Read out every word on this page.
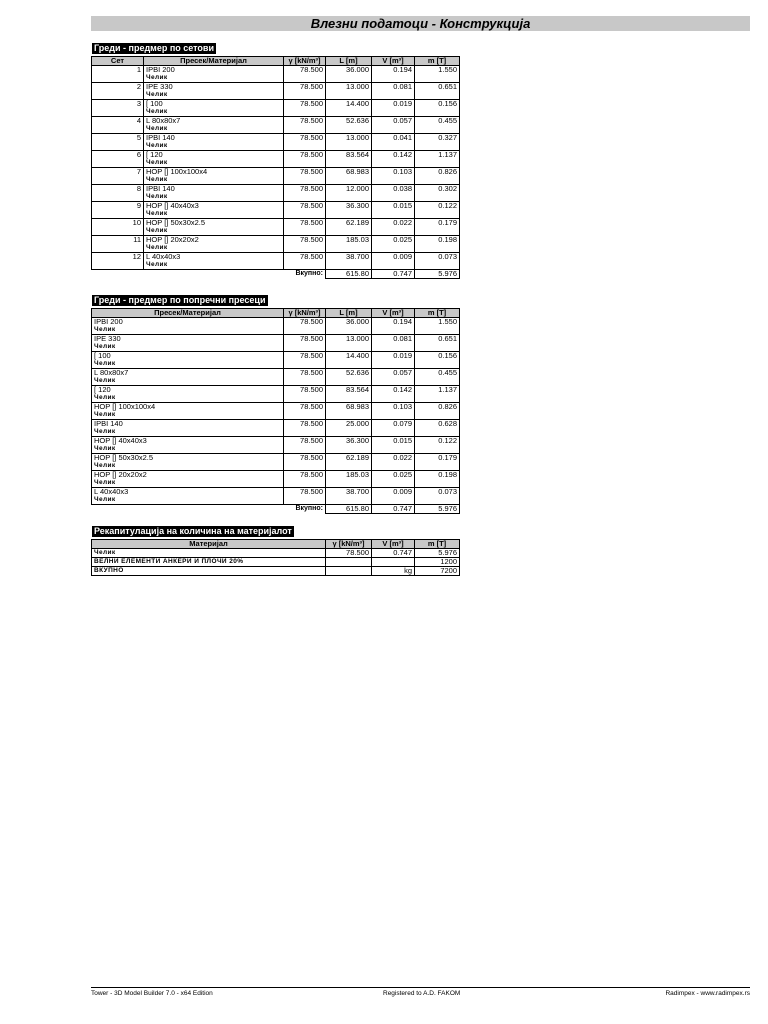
Влезни податоци - Конструкција
Греди - предмер по сетови
Сет	Пресек/Материјал	γ [kN/m³]	L [m]	V [m³]	m [T]
1	IPBI 200	78.500	36.000	0.194	1.550
	Челик				
2	IPE 330	78.500	13.000	0.081	0.651
	Челик				
3	[ 100	78.500	14.400	0.019	0.156
	Челик				
4	L 80x80x7	78.500	52.636	0.057	0.455
	Челик				
5	IPBI 140	78.500	13.000	0.041	0.327
	Челик				
6	[ 120	78.500	83.564	0.142	1.137
	Челик				
7	HOP [] 100x100x4	78.500	68.983	0.103	0.826
	Челик				
8	IPBI 140	78.500	12.000	0.038	0.302
	Челик				
9	HOP [] 40x40x3	78.500	36.300	0.015	0.122
	Челик				
10	HOP [] 50x30x2.5	78.500	62.189	0.022	0.179
	Челик				
11	HOP [] 20x20x2	78.500	185.03	0.025	0.198
	Челик				
12	L 40x40x3	78.500	38.700	0.009	0.073
	Челик				
Вкупно:			615.80	0.747	5.976
Греди - предмер по попречни пресеци
Пресек/Материјал	γ [kN/m³]	L [m]	V [m³]	m [T]
IPBI 200	78.500	36.000	0.194	1.550
Челик				
IPE 330	78.500	13.000	0.081	0.651
Челик				
[ 100	78.500	14.400	0.019	0.156
Челик				
L 80x80x7	78.500	52.636	0.057	0.455
Челик				
[ 120	78.500	83.564	0.142	1.137
Челик				
HOP [] 100x100x4	78.500	68.983	0.103	0.826
Челик				
IPBI 140	78.500	25.000	0.079	0.628
Челик				
HOP [] 40x40x3	78.500	36.300	0.015	0.122
Челик				
HOP [] 50x30x2.5	78.500	62.189	0.022	0.179
Челик				
HOP [] 20x20x2	78.500	185.03	0.025	0.198
Челик				
L 40x40x3	78.500	38.700	0.009	0.073
Челик				
Вкупно:		615.80	0.747	5.976
Рекапитулација на количина на материјалот
Материјал	γ [kN/m³]	V [m³]	m [T]
Челик	78.500	0.747	5.976
ВЕЛНИ ЕЛЕМЕНТИ АНКЕРИ И ПЛОЧИ 20%			1200
ВКУПНО		kg	7200
Tower - 3D Model Builder 7.0 - x64 Edition	Registered to A.D. FAKOM	Radimpex - www.radimpex.rs
